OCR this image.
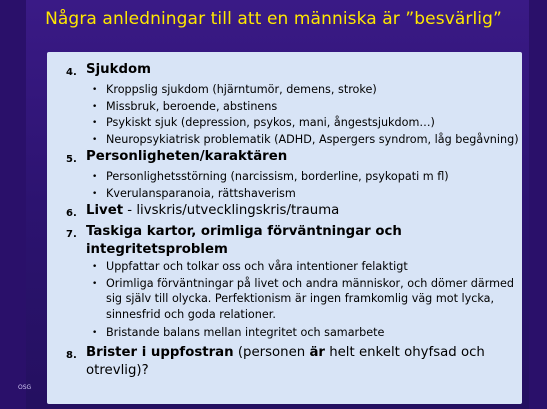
Några anledningar till att en människa är ”besvärlig”
4. Sjukdom
• Kroppslig sjukdom (hjärntumör, demens, stroke)
• Missbruk, beroende, abstinens
• Psykiskt sjuk (depression, psykos, mani, ångestsjukdom…)
• Neuropsykiatrisk problematik (ADHD, Aspergers syndrom, låg begåvning)
5. Personligheten/karaktären
• Personlighetsstörning (narcissism, borderline, psykopati m fl)
• Kverulansparanoia, rättshaverism
6. Livet - livskris/utvecklingskris/trauma
7. Taskiga kartor, orimliga förväntningar och integritetsproblem
• Uppfattar och tolkar oss och våra intentioner felaktigt
• Orimliga förväntningar på livet och andra människor, och dömer därmed sig själv till olycka. Perfektionism är ingen framkomlig väg mot lycka, sinnesfrid och goda relationer.
• Bristande balans mellan integritet och samarbete
8. Brister i uppfostran (personen är helt enkelt ohyfsad och otrevlig)?
OSG
